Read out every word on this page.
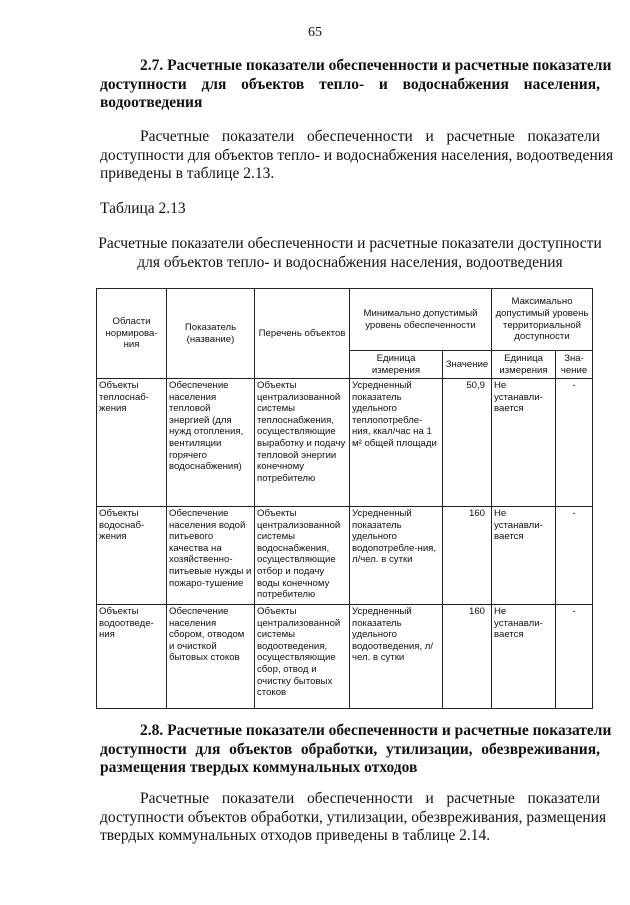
65
2.7. Расчетные показатели обеспеченности и расчетные показатели
доступности для объектов тепло- и водоснабжения населения,
водоотведения
Расчетные показатели обеспеченности и расчетные показатели
доступности для объектов тепло- и водоснабжения населения, водоотведения
приведены в таблице 2.13.
Таблица 2.13
Расчетные показатели обеспеченности и расчетные показатели доступности
для объектов тепло- и водоснабжения населения, водоотведения
Области нормирова-ния	Показатель (название)	Перечень объектов	Минимально допустимый уровень обеспеченности		Максимально допустимый уровень территориальной доступности	
			Единица измерения	Значение	Единица измерения	Зна-чение
Объекты теплоснаб-жения	Обеспечение населения тепловой энергией (для нужд отопления, вентиляции горячего водоснабжения)	Объекты централизованной системы теплоснабжения, осуществляющие выработку и подачу тепловой энергии конечному потребителю	Усредненный показатель удельного теплопотребле-ния, ккал/час на 1 м² общей площади	50,9	Не устанавли-вается	-
Объекты водоснаб-жения	Обеспечение населения водой питьевого качества на хозяйственно-питьевые нужды и пожаро-тушение	Объекты централизованной системы водоснабжения, осуществляющие отбор и подачу воды конечному потребителю	Усредненный показатель удельного водопотребле-ния, л/чел. в сутки	160	Не устанавли-вается	-
Объекты водоотведе-ния	Обеспечение населения сбором, отводом и очисткой бытовых стоков	Объекты централизованной системы водоотведения, осуществляющие сбор, отвод и очистку бытовых стоков	Усредненный показатель удельного водоотведения, л/чел. в сутки	160	Не устанавли-вается	-
2.8. Расчетные показатели обеспеченности и расчетные показатели
доступности для объектов обработки, утилизации, обезвреживания,
размещения твердых коммунальных отходов
Расчетные показатели обеспеченности и расчетные показатели
доступности объектов обработки, утилизации, обезвреживания, размещения
твердых коммунальных отходов приведены в таблице 2.14.
